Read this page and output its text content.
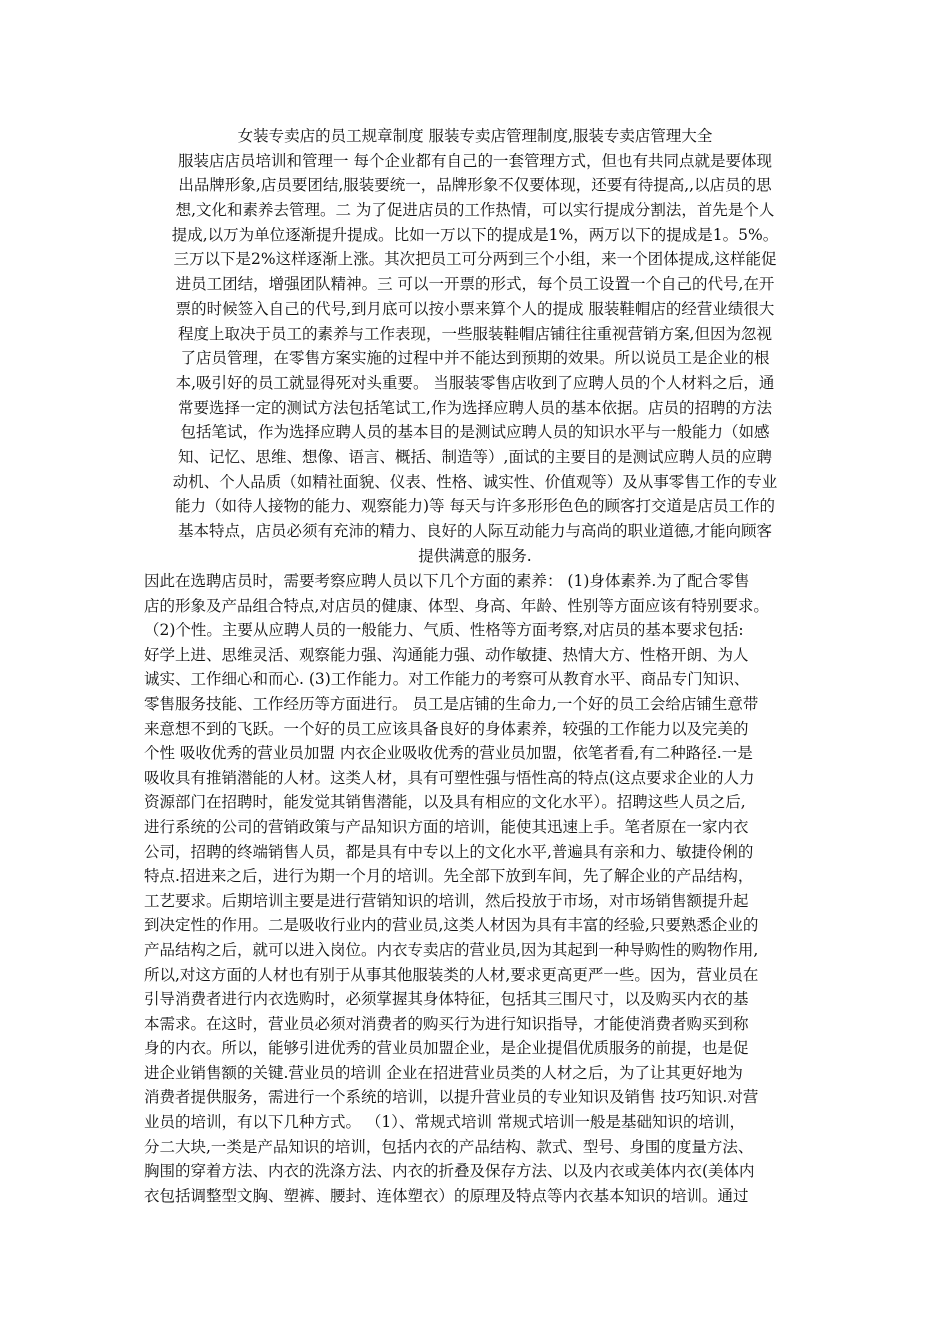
女装专卖店的员工规章制度 服装专卖店管理制度,服装专卖店管理大全
服装店店员培训和管理一 每个企业都有自己的一套管理方式，但也有共同点就是要体现
出品牌形象,店员要团结,服装要统一，品牌形象不仅要体现，还要有待提高,,以店员的思
想,文化和素养去管理。二 为了促进店员的工作热情，可以实行提成分割法，首先是个人
提成,以万为单位逐渐提升提成。比如一万以下的提成是1%，两万以下的提成是1。5%。
三万以下是2%这样逐渐上涨。其次把员工可分两到三个小组，来一个团体提成,这样能促
进员工团结，增强团队精神。三 可以一开票的形式，每个员工设置一个自己的代号,在开
票的时候签入自己的代号,到月底可以按小票来算个人的提成 服装鞋帽店的经营业绩很大
程度上取决于员工的素养与工作表现，一些服装鞋帽店铺往往重视营销方案,但因为忽视
了店员管理，在零售方案实施的过程中并不能达到预期的效果。所以说员工是企业的根
本,吸引好的员工就显得死对头重要。 当服装零售店收到了应聘人员的个人材料之后，通
常要选择一定的测试方法包括笔试工,作为选择应聘人员的基本依据。店员的招聘的方法
包括笔试，作为选择应聘人员的基本目的是测试应聘人员的知识水平与一般能力（如感
知、记忆、思维、想像、语言、概括、制造等）,面试的主要目的是测试应聘人员的应聘
动机、个人品质（如精社面貌、仪表、性格、诚实性、价值观等）及从事零售工作的专业
能力（如待人接物的能力、观察能力)等 每天与许多形形色色的顾客打交道是店员工作的
基本特点，店员必须有充沛的精力、良好的人际互动能力与高尚的职业道德,才能向顾客
提供满意的服务.
因此在选聘店员时，需要考察应聘人员以下几个方面的素养： (1)身体素养.为了配合零售
店的形象及产品组合特点,对店员的健康、体型、身高、年龄、性别等方面应该有特别要求。
（2)个性。主要从应聘人员的一般能力、气质、性格等方面考察,对店员的基本要求包括:
好学上进、思维灵活、观察能力强、沟通能力强、动作敏捷、热情大方、性格开朗、为人
诚实、工作细心和而心. (3)工作能力。对工作能力的考察可从教育水平、商品专门知识、
零售服务技能、工作经历等方面进行。 员工是店铺的生命力,一个好的员工会给店铺生意带
来意想不到的飞跃。一个好的员工应该具备良好的身体素养，较强的工作能力以及完美的
个性 吸收优秀的营业员加盟 内衣企业吸收优秀的营业员加盟，依笔者看,有二种路径.一是
吸收具有推销潜能的人材。这类人材，具有可塑性强与悟性高的特点(这点要求企业的人力
资源部门在招聘时，能发觉其销售潜能，以及具有相应的文化水平）。招聘这些人员之后,
进行系统的公司的营销政策与产品知识方面的培训，能使其迅速上手。笔者原在一家内衣
公司，招聘的终端销售人员，都是具有中专以上的文化水平,普遍具有亲和力、敏捷伶俐的
特点.招进来之后，进行为期一个月的培训。先全部下放到车间，先了解企业的产品结构，
工艺要求。后期培训主要是进行营销知识的培训，然后投放于市场，对市场销售额提升起
到决定性的作用。二是吸收行业内的营业员,这类人材因为具有丰富的经验,只要熟悉企业的
产品结构之后，就可以进入岗位。内衣专卖店的营业员,因为其起到一种导购性的购物作用,
所以,对这方面的人材也有别于从事其他服装类的人材,要求更高更严一些。因为，营业员在
引导消费者进行内衣选购时，必须掌握其身体特征，包括其三围尺寸，以及购买内衣的基
本需求。在这时，营业员必须对消费者的购买行为进行知识指导，才能使消费者购买到称
身的内衣。所以，能够引进优秀的营业员加盟企业，是企业提倡优质服务的前提，也是促
进企业销售额的关键.营业员的培训 企业在招进营业员类的人材之后，为了让其更好地为
消费者提供服务，需进行一个系统的培训，以提升营业员的专业知识及销售 技巧知识.对营
业员的培训，有以下几种方式。 （1）、常规式培训 常规式培训一般是基础知识的培训，
分二大块,一类是产品知识的培训，包括内衣的产品结构、款式、型号、身围的度量方法、
胸围的穿着方法、内衣的洗涤方法、内衣的折叠及保存方法、以及内衣或美体内衣(美体内
衣包括调整型文胸、塑裤、腰封、连体塑衣）的原理及特点等内衣基本知识的培训。通过
